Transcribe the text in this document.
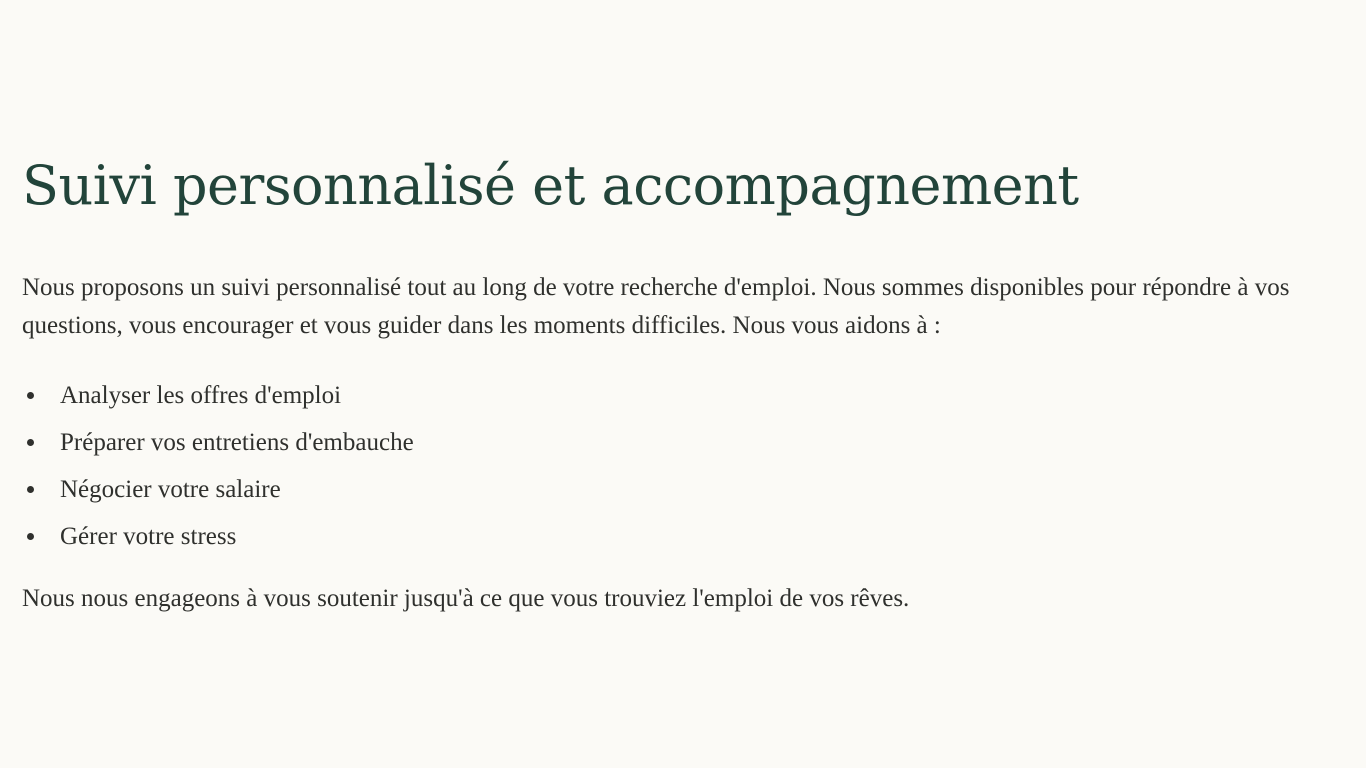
Suivi personnalisé et accompagnement

Nous proposons un suivi personnalisé tout au long de votre recherche d'emploi. Nous sommes disponibles pour répondre à vos questions, vous encourager et vous guider dans les moments difficiles. Nous vous aidons à :

Analyser les offres d'emploi
Préparer vos entretiens d'embauche
Négocier votre salaire
Gérer votre stress

Nous nous engageons à vous soutenir jusqu'à ce que vous trouviez l'emploi de vos rêves.
